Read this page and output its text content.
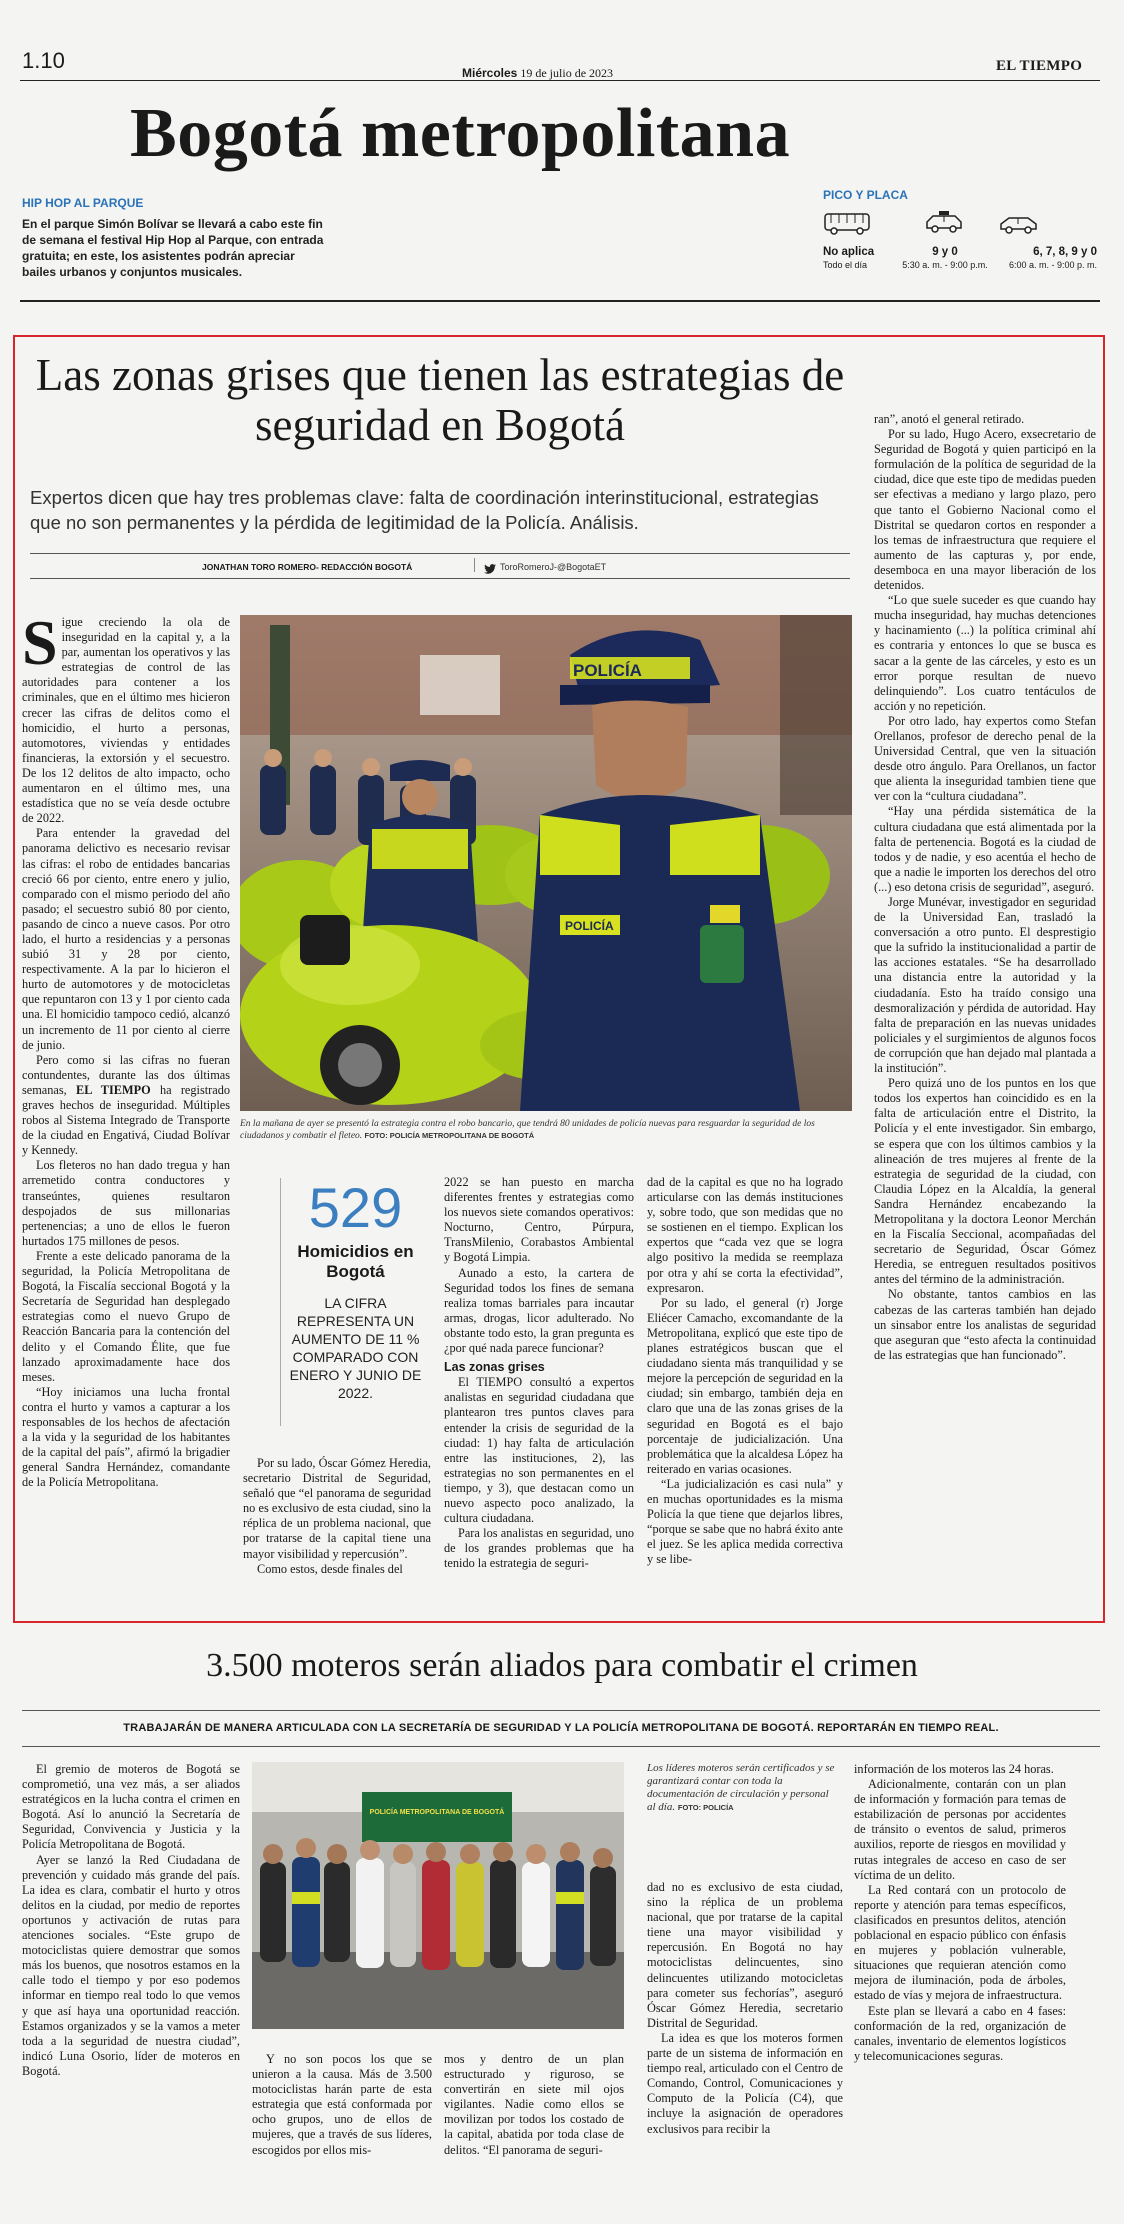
1.10	Miércoles 19 de julio de 2023	EL TIEMPO
Bogotá metropolitana
HIP HOP AL PARQUE
En el parque Simón Bolívar se llevará a cabo este fin de semana el festival Hip Hop al Parque, con entrada gratuita; en este, los asistentes podrán apreciar bailes urbanos y conjuntos musicales.
PICO Y PLACA
No aplica
Todo el día
9 y 0
5:30 a. m. - 9:00 p.m.
6, 7, 8, 9 y 0
6:00 a. m. - 9:00 p. m.
Las zonas grises que tienen las estrategias de seguridad en Bogotá
Expertos dicen que hay tres problemas clave: falta de coordinación interinstitucional, estrategias que no son permanentes y la pérdida de legitimidad de la Policía. Análisis.
JONATHAN TORO ROMERO- REDACCIÓN BOGOTÁ	ToroRomeroJ-@BogotaET
POLICÍA
POLICÍA
En la mañana de ayer se presentó la estrategia contra el robo bancario, que tendrá 80 unidades de policía nuevas para resguardar la seguridad de los ciudadanos y combatir el fleteo. FOTO: POLICÍA METROPOLITANA DE BOGOTÁ

Sigue creciendo la ola de inseguridad en la capital y, a la par, aumentan los operativos y las estrategias de control de las autoridades para contener a los criminales, que en el último mes hicieron crecer las cifras de delitos como el homicidio, el hurto a personas, automotores, viviendas y entidades financieras, la extorsión y el secuestro. De los 12 delitos de alto impacto, ocho aumentaron en el último mes, una estadística que no se veía desde octubre de 2022.

Para entender la gravedad del panorama delictivo es necesario revisar las cifras: el robo de entidades bancarias creció 66 por ciento, entre enero y julio, comparado con el mismo periodo del año pasado; el secuestro subió 80 por ciento, pasando de cinco a nueve casos. Por otro lado, el hurto a residencias y a personas subió 31 y 28 por ciento, respectivamente. A la par lo hicieron el hurto de automotores y de motocicletas que repuntaron con 13 y 1 por ciento cada una. El homicidio tampoco cedió, alcanzó un incremento de 11 por ciento al cierre de junio.

Pero como si las cifras no fueran contundentes, durante las dos últimas semanas, EL TIEMPO ha registrado graves hechos de inseguridad. Múltiples robos al Sistema Integrado de Transporte de la ciudad en Engativá, Ciudad Bolívar y Kennedy.

Los fleteros no han dado tregua y han arremetido contra conductores y transeúntes, quienes resultaron despojados de sus millonarias pertenencias; a uno de ellos le fueron hurtados 175 millones de pesos.

Frente a este delicado panorama de la seguridad, la Policía Metropolitana de Bogotá, la Fiscalía seccional Bogotá y la Secretaría de Seguridad han desplegado estrategias como el nuevo Grupo de Reacción Bancaria para la contención del delito y el Comando Élite, que fue lanzado aproximadamente hace dos meses.

“Hoy iniciamos una lucha frontal contra el hurto y vamos a capturar a los responsables de los hechos de afectación a la vida y la seguridad de los habitantes de la capital del país”, afirmó la brigadier general Sandra Hernández, comandante de la Policía Metropolitana.

529
Homicidios en Bogotá
LA CIFRA REPRESENTA UN AUMENTO DE 11 % COMPARADO CON ENERO Y JUNIO DE 2022.

Por su lado, Óscar Gómez Heredia, secretario Distrital de Seguridad, señaló que “el panorama de seguridad no es exclusivo de esta ciudad, sino la réplica de un problema nacional, que por tratarse de la capital tiene una mayor visibilidad y repercusión”.

Como estos, desde finales del

2022 se han puesto en marcha diferentes frentes y estrategias como los nuevos siete comandos operativos: Nocturno, Centro, Púrpura, TransMilenio, Corabastos Ambiental y Bogotá Limpia.

Aunado a esto, la cartera de Seguridad todos los fines de semana realiza tomas barriales para incautar armas, drogas, licor adulterado. No obstante todo esto, la gran pregunta es ¿por qué nada parece funcionar?

Las zonas grises

El TIEMPO consultó a expertos analistas en seguridad ciudadana que plantearon tres puntos claves para entender la crisis de seguridad de la ciudad: 1) hay falta de articulación entre las instituciones, 2), las estrategias no son permanentes en el tiempo, y 3), que destacan como un nuevo aspecto poco analizado, la cultura ciudadana.

Para los analistas en seguridad, uno de los grandes problemas que ha tenido la estrategia de seguri-

dad de la capital es que no ha logrado articularse con las demás instituciones y, sobre todo, que son medidas que no se sostienen en el tiempo. Explican los expertos que “cada vez que se logra algo positivo la medida se reemplaza por otra y ahí se corta la efectividad”, expresaron.

Por su lado, el general (r) Jorge Eliécer Camacho, excomandante de la Metropolitana, explicó que este tipo de planes estratégicos buscan que el ciudadano sienta más tranquilidad y se mejore la percepción de seguridad en la ciudad; sin embargo, también deja en claro que una de las zonas grises de la seguridad en Bogotá es el bajo porcentaje de judicialización. Una problemática que la alcaldesa López ha reiterado en varias ocasiones.

“La judicialización es casi nula” y en muchas oportunidades es la misma Policía la que tiene que dejarlos libres, “porque se sabe que no habrá éxito ante el juez. Se les aplica medida correctiva y se libe-

ran”, anotó el general retirado.

Por su lado, Hugo Acero, exsecretario de Seguridad de Bogotá y quien participó en la formulación de la política de seguridad de la ciudad, dice que este tipo de medidas pueden ser efectivas a mediano y largo plazo, pero que tanto el Gobierno Nacional como el Distrital se quedaron cortos en responder a los temas de infraestructura que requiere el aumento de las capturas y, por ende, desemboca en una mayor liberación de los detenidos.

“Lo que suele suceder es que cuando hay mucha inseguridad, hay muchas detenciones y hacinamiento (...) la política criminal ahí es contraria y entonces lo que se busca es sacar a la gente de las cárceles, y esto es un error porque resultan de nuevo delinquiendo”. Los cuatro tentáculos de acción y no repetición.

Por otro lado, hay expertos como Stefan Orellanos, profesor de derecho penal de la Universidad Central, que ven la situación desde otro ángulo. Para Orellanos, un factor que alienta la inseguridad tambien tiene que ver con la “cultura ciudadana”.

“Hay una pérdida sistemática de la cultura ciudadana que está alimentada por la falta de pertenencia. Bogotá es la ciudad de todos y de nadie, y eso acentúa el hecho de que a nadie le importen los derechos del otro (...) eso detona crisis de seguridad”, aseguró.

Jorge Munévar, investigador en seguridad de la Universidad Ean, trasladó la conversación a otro punto. El desprestigio que la sufrido la institucionalidad a partir de las acciones estatales. “Se ha desarrollado una distancia entre la autoridad y la ciudadanía. Esto ha traído consigo una desmoralización y pérdida de autoridad. Hay falta de preparación en las nuevas unidades policiales y el surgimientos de algunos focos de corrupción que han dejado mal plantada a la institución”.

Pero quizá uno de los puntos en los que todos los expertos han coincidido es en la falta de articulación entre el Distrito, la Policía y el ente investigador. Sin embargo, se espera que con los últimos cambios y la alineación de tres mujeres al frente de la estrategia de seguridad de la ciudad, con Claudia López en la Alcaldía, la general Sandra Hernández encabezando la Metropolitana y la doctora Leonor Merchán en la Fiscalía Seccional, acompañadas del secretario de Seguridad, Óscar Gómez Heredia, se entreguen resultados positivos antes del término de la administración.

No obstante, tantos cambios en las cabezas de las carteras también han dejado un sinsabor entre los analistas de seguridad que aseguran que “esto afecta la continuidad de las estrategias que han funcionado”.

3.500 moteros serán aliados para combatir el crimen
TRABAJARÁN DE MANERA ARTICULADA CON LA SECRETARÍA DE SEGURIDAD Y LA POLICÍA METROPOLITANA DE BOGOTÁ. REPORTARÁN EN TIEMPO REAL.
POLICÍA METROPOLITANA DE BOGOTÁ
Los líderes moteros serán certificados y se garantizará contar con toda la documentación de circulación y personal al día. FOTO: POLICÍA

El gremio de moteros de Bogotá se comprometió, una vez más, a ser aliados estratégicos en la lucha contra el crimen en Bogotá. Así lo anunció la Secretaría de Seguridad, Convivencia y Justicia y la Policía Metropolitana de Bogotá.

Ayer se lanzó la Red Ciudadana de prevención y cuidado más grande del país. La idea es clara, combatir el hurto y otros delitos en la ciudad, por medio de reportes oportunos y activación de rutas para atenciones sociales. “Este grupo de motociclistas quiere demostrar que somos más los buenos, que nosotros estamos en la calle todo el tiempo y por eso podemos informar en tiempo real todo lo que vemos y que así haya una oportunidad reacción. Estamos organizados y se la vamos a meter toda a la seguridad de nuestra ciudad”, indicó Luna Osorio, líder de moteros en Bogotá.

Y no son pocos los que se unieron a la causa. Más de 3.500 motociclistas harán parte de esta estrategia que está conformada por ocho grupos, uno de ellos de mujeres, que a través de sus líderes, escogidos por ellos mis-

mos y dentro de un plan estructurado y riguroso, se convertirán en siete mil ojos vigilantes. Nadie como ellos se movilizan por todos los costado de la capital, abatida por toda clase de delitos. “El panorama de seguri-

dad no es exclusivo de esta ciudad, sino la réplica de un problema nacional, que por tratarse de la capital tiene una mayor visibilidad y repercusión. En Bogotá no hay motociclistas delincuentes, sino delincuentes utilizando motocicletas para cometer sus fechorías”, aseguró Óscar Gómez Heredia, secretario Distrital de Seguridad.

La idea es que los moteros formen parte de un sistema de información en tiempo real, articulado con el Centro de Comando, Control, Comunicaciones y Computo de la Policía (C4), que incluye la asignación de operadores exclusivos para recibir la

información de los moteros las 24 horas.

Adicionalmente, contarán con un plan de información y formación para temas de estabilización de personas por accidentes de tránsito o eventos de salud, primeros auxilios, reporte de riesgos en movilidad y rutas integrales de acceso en caso de ser víctima de un delito.

La Red contará con un protocolo de reporte y atención para temas específicos, clasificados en presuntos delitos, atención poblacional en espacio público con énfasis en mujeres y población vulnerable, situaciones que requieran atención como mejora de iluminación, poda de árboles, estado de vías y mejora de infraestructura.

Este plan se llevará a cabo en 4 fases: conformación de la red, organización de canales, inventario de elementos logísticos y telecomunicaciones seguras.
